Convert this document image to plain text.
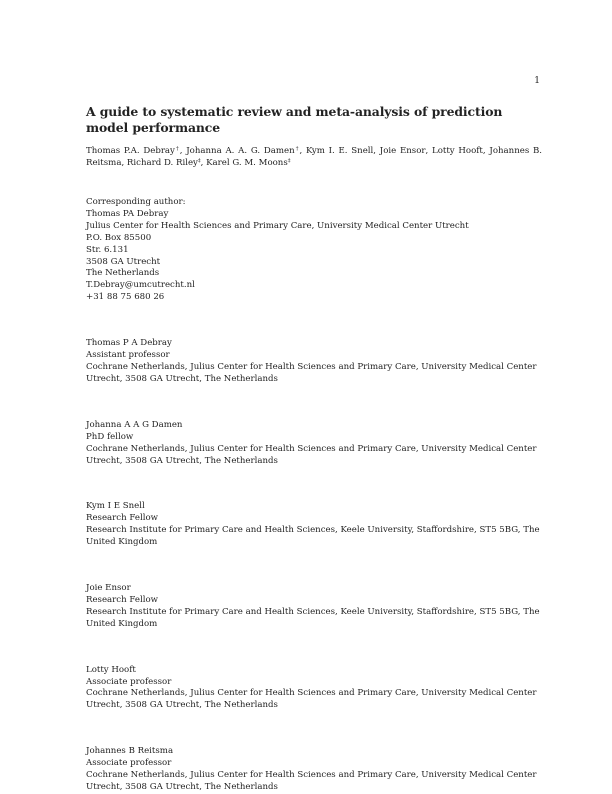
1
A guide to systematic review and meta-analysis of prediction model performance

Thomas P.A. Debray†, Johanna A. A. G. Damen†, Kym I. E. Snell, Joie Ensor, Lotty Hooft, Johannes B. Reitsma, Richard D. Riley‡, Karel G. M. Moons‡

Corresponding author:
Thomas PA Debray
Julius Center for Health Sciences and Primary Care, University Medical Center Utrecht
P.O. Box 85500
Str. 6.131
3508 GA Utrecht
The Netherlands
T.Debray@umcutrecht.nl
+31 88 75 680 26
Thomas P A Debray
Assistant professor
Cochrane Netherlands, Julius Center for Health Sciences and Primary Care, University Medical Center Utrecht, 3508 GA Utrecht, The Netherlands
Johanna A A G Damen
PhD fellow
Cochrane Netherlands, Julius Center for Health Sciences and Primary Care, University Medical Center Utrecht, 3508 GA Utrecht, The Netherlands
Kym I E Snell
Research Fellow
Research Institute for Primary Care and Health Sciences, Keele University, Staffordshire, ST5 5BG, The United Kingdom
Joie Ensor
Research Fellow
Research Institute for Primary Care and Health Sciences, Keele University, Staffordshire, ST5 5BG, The United Kingdom
Lotty Hooft
Associate professor
Cochrane Netherlands, Julius Center for Health Sciences and Primary Care, University Medical Center Utrecht, 3508 GA Utrecht, The Netherlands
Johannes B Reitsma
Associate professor
Cochrane Netherlands, Julius Center for Health Sciences and Primary Care, University Medical Center Utrecht, 3508 GA Utrecht, The Netherlands
